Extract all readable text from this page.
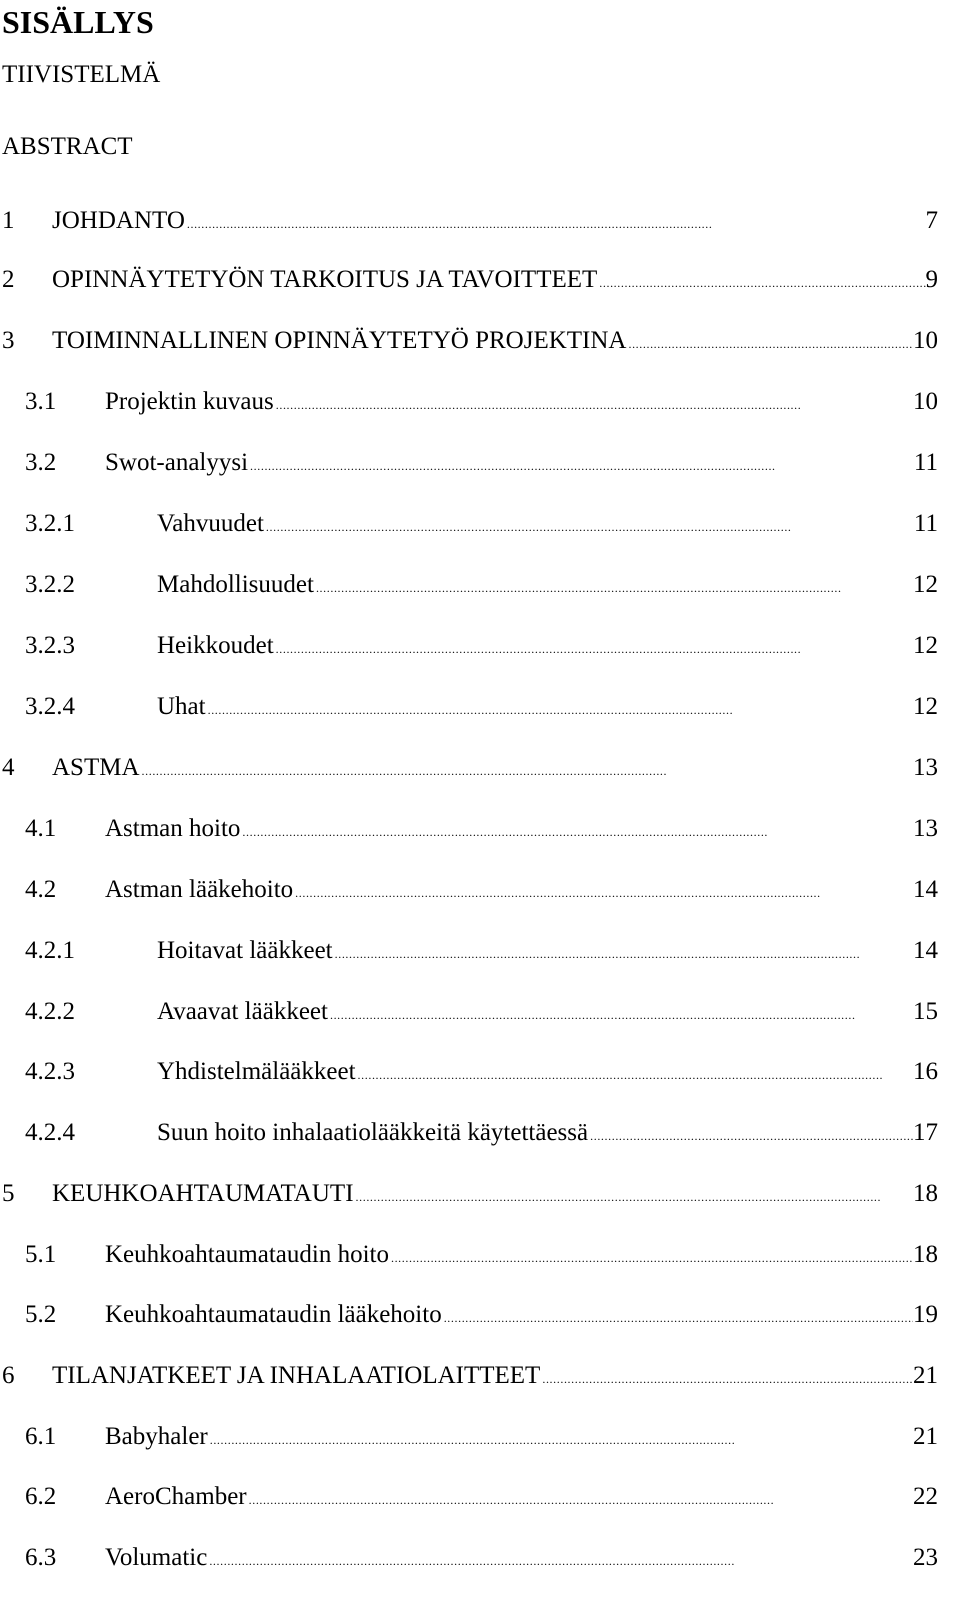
SISÄLLYS
TIIVISTELMÄ
ABSTRACT
1	JOHDANTO . . .	7
2	OPINNÄYTETYÖN TARKOITUS JA TAVOITTEET . . .	9
3	TOIMINNALLINEN OPINNÄYTETYÖ PROJEKTINA . . .	10
3.1	Projektin kuvaus . . .	10
3.2	Swot-analyysi . . .	11
3.2.1	Vahvuudet . . .	11
3.2.2	Mahdollisuudet . . .	12
3.2.3	Heikkoudet . . .	12
3.2.4	Uhat . . .	12
4	ASTMA . . .	13
4.1	Astman hoito . . .	13
4.2	Astman lääkehoito . . .	14
4.2.1	Hoitavat lääkkeet . . .	14
4.2.2	Avaavat lääkkeet . . .	15
4.2.3	Yhdistelmälääkkeet . . .	16
4.2.4	Suun hoito inhalaatiolääkkeitä käytettäessä . . .	17
5	KEUHKOAHTAUMATAUTI . . .	18
5.1	Keuhkoahtaumataudin hoito . . .	18
5.2	Keuhkoahtaumataudin lääkehoito . . .	19
6	TILANJATKEET JA INHALAATIOLAITTEET . . .	21
6.1	Babyhaler . . .	21
6.2	AeroChamber . . .	22
6.3	Volumatic . . .	23
